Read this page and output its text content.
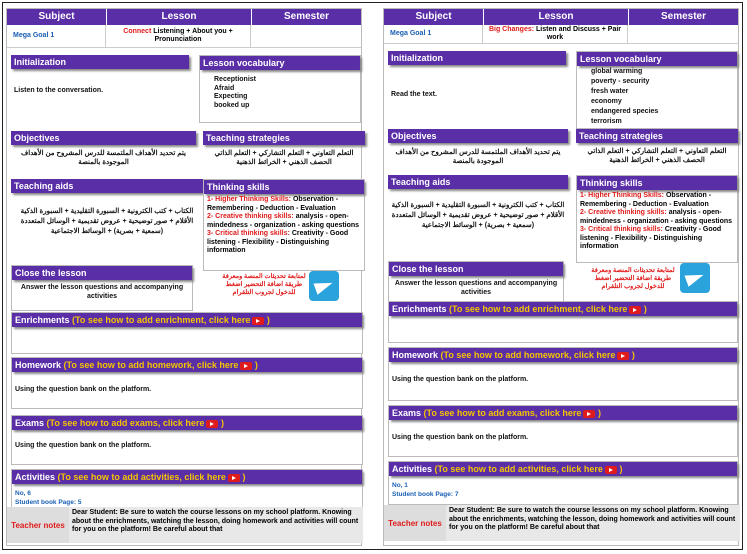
Subject	Lesson	Semester
Mega Goal 1
Connect Listening + About you + Pronunciation
Initialization
Listen to the conversation.
Lesson vocabulary
Receptionist
Afraid
Expecting
booked up
Objectives
يتم تحديد الأهداف الملتمسة للدرس المشروح من الأهداف الموجودة بالمنصة
Teaching strategies
التعلم التعاوني + التعلم التشاركي + التعلم الذاتي الحصف الذهني + الخرائط الذهنية
Teaching aids
الكتاب + كتب الكترونية + السبورة التقليدية + السبورة الذكية الأقلام + صور توضيحية + عروض تقديمية + الوسائل المتعددة (سمعية + بصرية) + الوسائط الاجتماعية
Thinking skills
1- Higher Thinking Skills: Observation - Remembering - Deduction - Evaluation
2- Creative thinking skills: analysis - open-mindedness - organization - asking questions
3- Critical thinking skills: Creativity - Good listening - Flexibility - Distinguishing information
Close the lesson
Answer the lesson questions and accompanying activities
لمتابعة تحديثات المنصة ومعرفة طريقة اضافة التحضير اضغط للدخول لجروب التلقرام
Enrichments (To see how to add enrichment, click here )
Homework (To see how to add homework, click here )
Using the question bank on the platform.
Exams (To see how to add exams, click here )
Using the question bank on the platform.
Activities (To see how to add activities, click here )
No, 6
Student book Page: 5
Teacher notes
Dear Student: Be sure to watch the course lessons on my school platform. Knowing about the enrichments, watching the lesson, doing homework and activities will count for you on the platform! Be careful about that
Subject	Lesson	Semester
Mega Goal 1
Big Changes: Listen and Discuss + Pair work
Initialization
Read the text.
Lesson vocabulary
global warming
poverty - security
fresh water
economy
endangered species
terrorism
Objectives
يتم تحديد الأهداف الملتمسة للدرس المشروح من الأهداف الموجودة بالمنصة
Teaching strategies
التعلم التعاوني + التعلم التشاركي + التعلم الذاتي الحصف الذهني + الخرائط الذهنية
Teaching aids
الكتاب + كتب الكترونية + السبورة التقليدية + السبورة الذكية الأقلام + صور توضيحية + عروض تقديمية + الوسائل المتعددة (سمعية + بصرية) + الوسائط الاجتماعية
Thinking skills
1- Higher Thinking Skills: Observation - Remembering - Deduction - Evaluation
2- Creative thinking skills: analysis - open-mindedness - organization - asking questions
3- Critical thinking skills: Creativity - Good listening - Flexibility - Distinguishing information
Close the lesson
Answer the lesson questions and accompanying activities
لمتابعة تحديثات المنصة ومعرفة طريقة اضافة التحضير اضغط للدخول لجروب التلقرام
Enrichments (To see how to add enrichment, click here )
Homework (To see how to add homework, click here )
Using the question bank on the platform.
Exams (To see how to add exams, click here )
Using the question bank on the platform.
Activities (To see how to add activities, click here )
No, 1
Student book Page: 7
Teacher notes
Dear Student: Be sure to watch the course lessons on my school platform. Knowing about the enrichments, watching the lesson, doing homework and activities will count for you on the platform! Be careful about that
